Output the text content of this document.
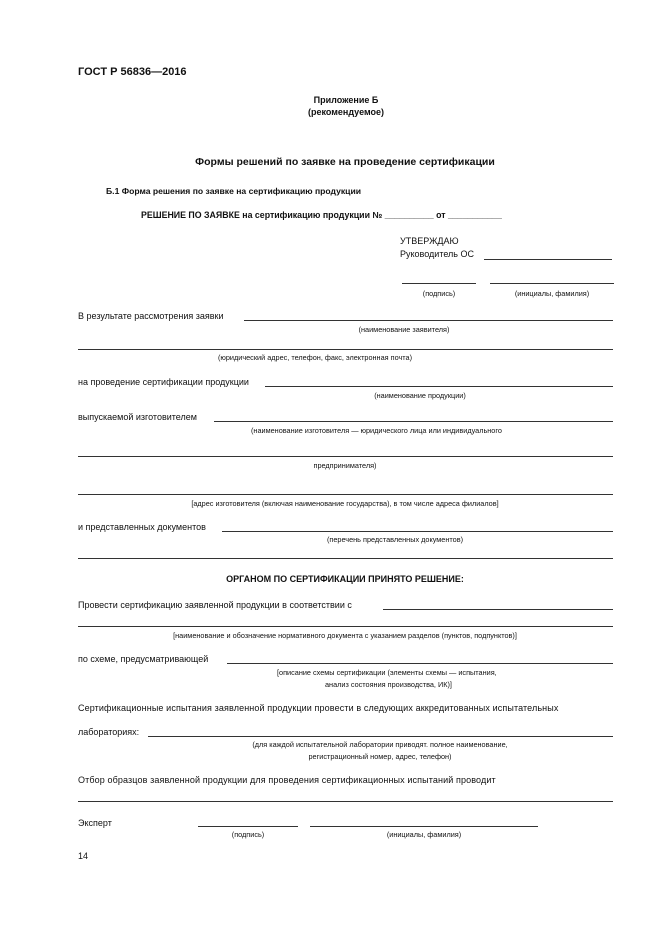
ГОСТ Р 56836—2016
Приложение Б
(рекомендуемое)
Формы решений по заявке на проведение сертификации
Б.1 Форма решения по заявке на сертификацию продукции
РЕШЕНИЕ ПО ЗАЯВКЕ на сертификацию продукции № __________ от ___________
УТВЕРЖДАЮ
Руководитель ОС
(подпись)	(инициалы, фамилия)
В результате рассмотрения заявки
(наименование заявителя)
(юридический адрес, телефон, факс, электронная почта)
на проведение сертификации продукции
(наименование продукции)
выпускаемой изготовителем
(наименование изготовителя — юридического лица или индивидуального
предпринимателя)
[адрес изготовителя (включая наименование государства), в том числе адреса филиалов]
и представленных документов
(перечень представленных документов)
ОРГАНОМ ПО СЕРТИФИКАЦИИ ПРИНЯТО РЕШЕНИЕ:
Провести сертификацию заявленной продукции в соответствии с
[наименование и обозначение нормативного документа с указанием разделов (пунктов, подпунктов)]
по схеме, предусматривающей
[описание схемы сертификации (элементы схемы — испытания,
анализ состояния производства, ИК)]
Сертификационные испытания заявленной продукции провести в следующих аккредитованных испытательных
лабораториях:
(для каждой испытательной лаборатории приводят. полное наименование,
регистрационный номер, адрес, телефон)
Отбор образцов заявленной продукции для проведения сертификационных испытаний проводит
Эксперт
(подпись)	(инициалы, фамилия)
14
